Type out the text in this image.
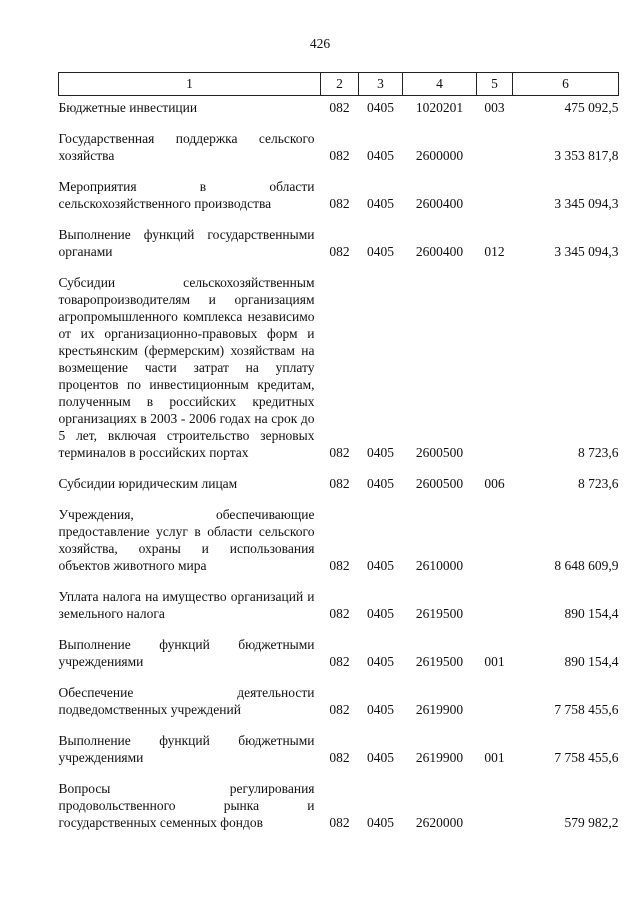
426
1	2	3	4	5	6
Бюджетные инвестиции	082	0405	1020201	003	475 092,5
Государственная поддержка сельского хозяйства	082	0405	2600000		3 353 817,8
Мероприятия в области сельскохозяйственного производства	082	0405	2600400		3 345 094,3
Выполнение функций государственными органами	082	0405	2600400	012	3 345 094,3
Субсидии сельскохозяйственным товаропроизводителям и организациям агропромышленного комплекса независимо от их организационно-правовых форм и крестьянским (фермерским) хозяйствам на возмещение части затрат на уплату процентов по инвестиционным кредитам, полученным в российских кредитных организациях в 2003 - 2006 годах на срок до 5 лет, включая строительство зерновых терминалов в российских портах	082	0405	2600500		8 723,6
Субсидии юридическим лицам	082	0405	2600500	006	8 723,6
Учреждения, обеспечивающие предоставление услуг в области сельского хозяйства, охраны и использования объектов животного мира	082	0405	2610000		8 648 609,9
Уплата налога на имущество организаций и земельного налога	082	0405	2619500		890 154,4
Выполнение функций бюджетными учреждениями	082	0405	2619500	001	890 154,4
Обеспечение деятельности подведомственных учреждений	082	0405	2619900		7 758 455,6
Выполнение функций бюджетными учреждениями	082	0405	2619900	001	7 758 455,6
Вопросы регулирования продовольственного рынка и государственных семенных фондов	082	0405	2620000		579 982,2
